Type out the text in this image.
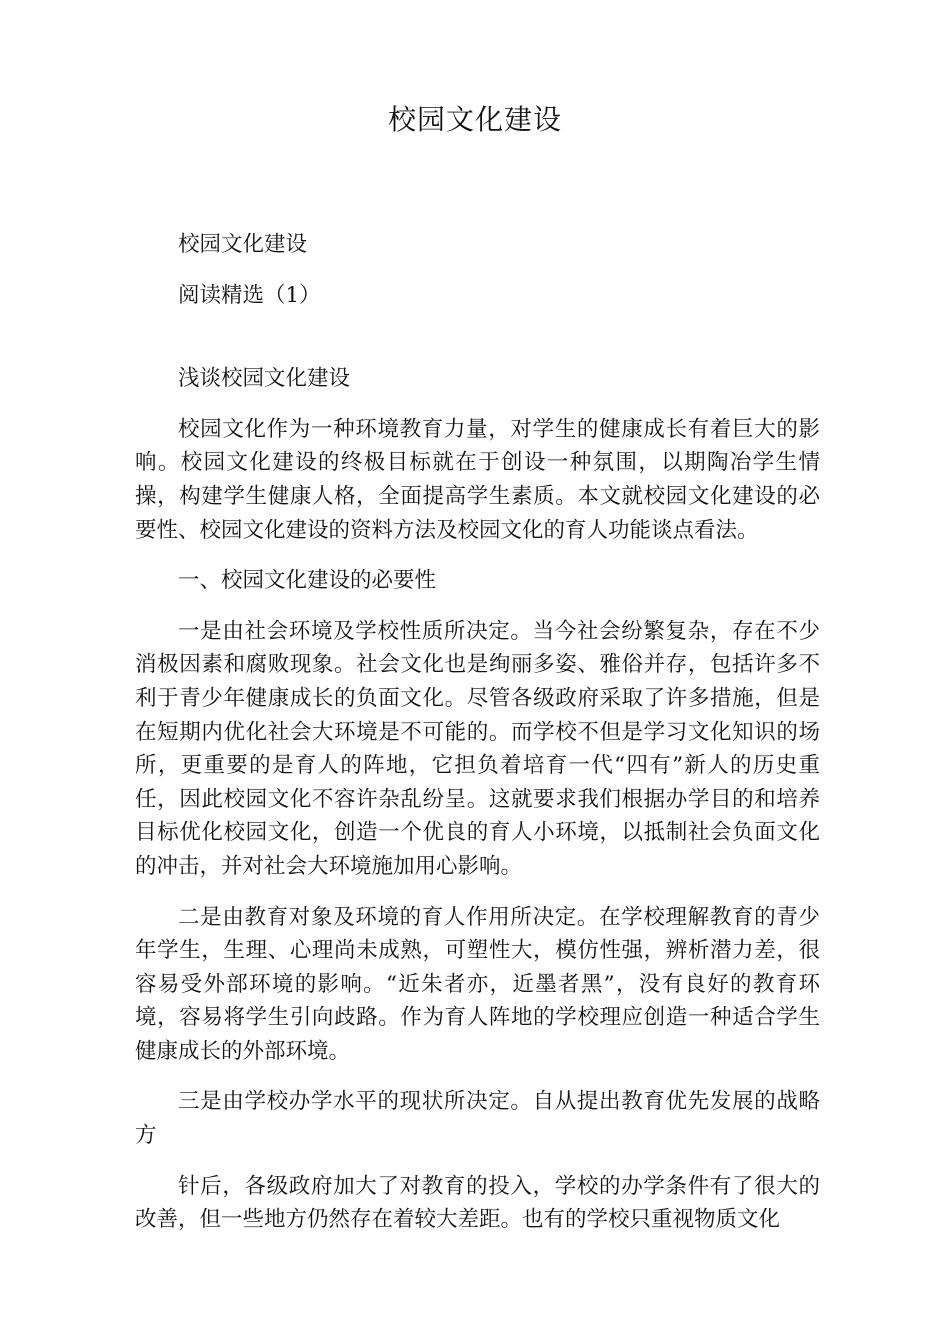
校园文化建设

校园文化建设

阅读精选（1）

浅谈校园文化建设

校园文化作为一种环境教育力量，对学生的健康成长有着巨大的影响。校园文化建设的终极目标就在于创设一种氛围，以期陶冶学生情操，构建学生健康人格，全面提高学生素质。本文就校园文化建设的必要性、校园文化建设的资料方法及校园文化的育人功能谈点看法。

一、校园文化建设的必要性

一是由社会环境及学校性质所决定。当今社会纷繁复杂，存在不少消极因素和腐败现象。社会文化也是绚丽多姿、雅俗并存，包括许多不利于青少年健康成长的负面文化。尽管各级政府采取了许多措施，但是在短期内优化社会大环境是不可能的。而学校不但是学习文化知识的场所，更重要的是育人的阵地，它担负着培育一代“四有”新人的历史重任，因此校园文化不容许杂乱纷呈。这就要求我们根据办学目的和培养目标优化校园文化，创造一个优良的育人小环境，以抵制社会负面文化的冲击，并对社会大环境施加用心影响。

二是由教育对象及环境的育人作用所决定。在学校理解教育的青少年学生，生理、心理尚未成熟，可塑性大，模仿性强，辨析潜力差，很容易受外部环境的影响。“近朱者亦，近墨者黑”，没有良好的教育环境，容易将学生引向歧路。作为育人阵地的学校理应创造一种适合学生健康成长的外部环境。

三是由学校办学水平的现状所决定。自从提出教育优先发展的战略方

针后，各级政府加大了对教育的投入，学校的办学条件有了很大的改善，但一些地方仍然存在着较大差距。也有的学校只重视物质文化
